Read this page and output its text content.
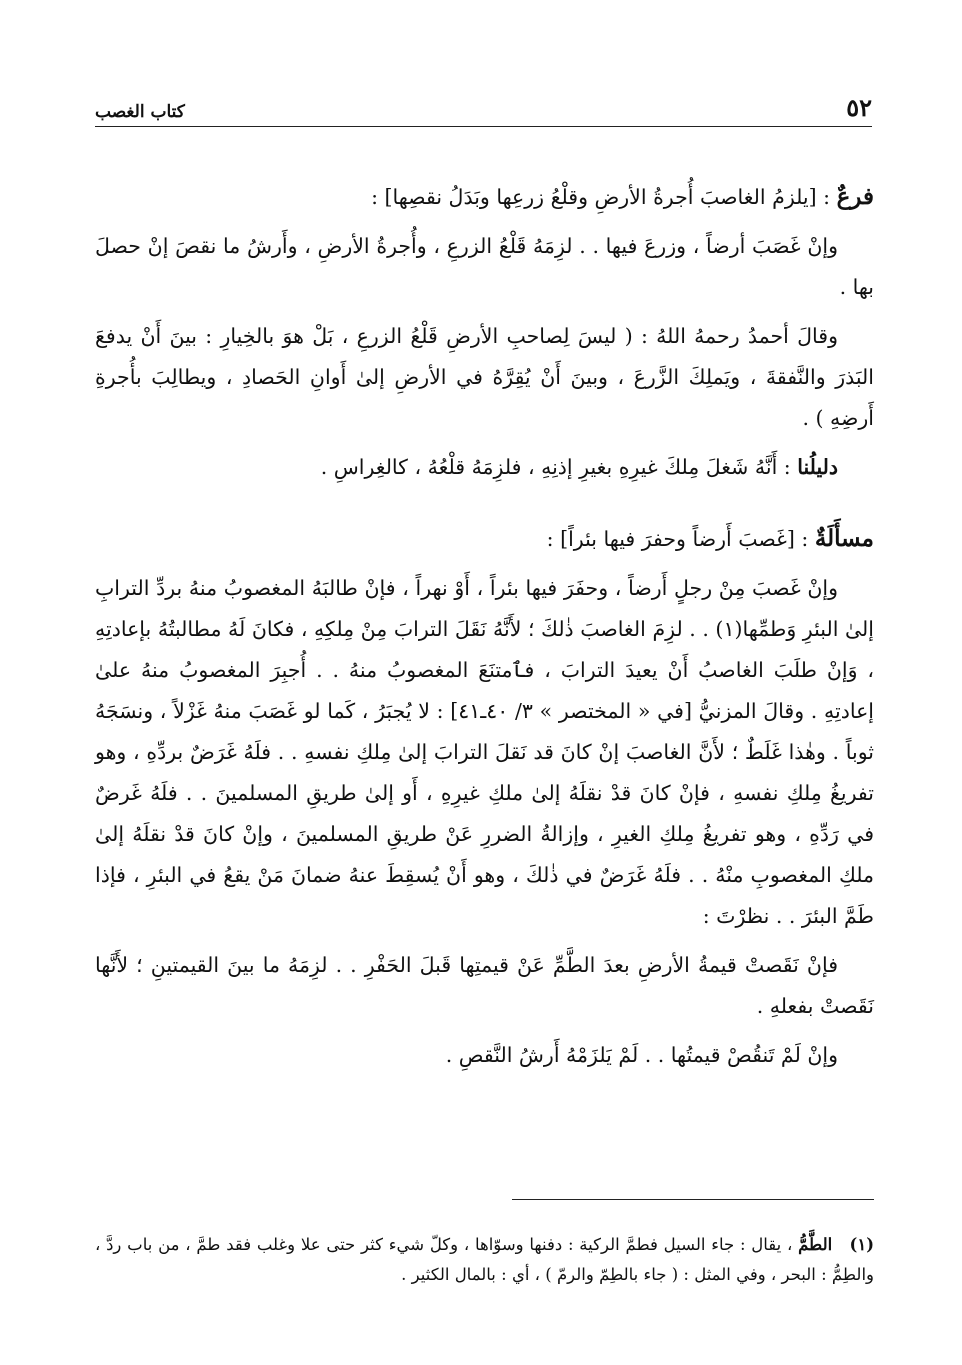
٥٢
كتاب الغصب

فرعٌ : [يلزمُ الغاصبَ أُجرةُ الأرضِ وقلْعُ زرعِها وبَدَلُ نقصِها] :

وإنْ غَصَبَ أرضاً ، وزرعَ فيها . . لزِمَهُ قَلْعُ الزرعِ ، وأُجرةُ الأرضِ ، وأَرشُ ما نقصَ إنْ حصلَ بها .

وقالَ أحمدُ رحمهُ اللهُ : ( ليسَ لِصاحبِ الأرضِ قَلْعُ الزرعِ ، بَلْ هوَ بالخِيارِ : بينَ أَنْ يدفعَ البَذرَ والنَّفقةَ ، ويَملِكَ الزَّرعَ ، وبينَ أَنْ يُقِرَّهُ في الأرضِ إلىٰ أَوانِ الحَصادِ ، ويطالِبَ بأُجرةِ أَرضِهِ ) .

دليلُنا : أَنَّهُ شَغلَ مِلكَ غيرِهِ بغيرِ إذنِهِ ، فلزِمَهُ قلْعُهُ ، كالغِراسِ .

مسأَلَةٌ : [غَصبَ أَرضاً وحفرَ فيها بئراً] :

وإنْ غَصبَ مِنْ رجلٍ أَرضاً ، وحفَرَ فيها بئراً ، أَوْ نهراً ، فإنْ طالبَهُ المغصوبُ منهُ بردِّ الترابِ إلىٰ البئرِ وَطمِّها(١) . . لزِمَ الغاصبَ ذٰلكَ ؛ لأَنَّهُ نَقَلَ الترابَ مِنْ مِلكِهِ ، فكانَ لَهُ مطالبتُهُ بإعادتِهِ ، وَإنْ طلَبَ الغاصبُ أَنْ يعيدَ الترابَ ، فٱمتنَعَ المغصوبُ منهُ . . أُجبِرَ المغصوبُ منهُ علىٰ إعادتِهِ . وقالَ المزنيُّ [في « المختصر » ٣/ ٤٠ـ٤١] : لا يُجبَرُ ، كَما لو غَصَبَ منهُ غَزْلاً ، ونسَجَهُ ثوباً . وهٰذا غَلَطٌ ؛ لأَنَّ الغاصبَ إنْ كانَ قد نَقلَ الترابَ إلىٰ مِلكِ نفسهِ . . فلَهُ غَرَضٌ بردِّهِ ، وهو تفريغُ مِلكِ نفسهِ ، فإنْ كانَ قدْ نقلَهُ إلىٰ ملكِ غيرِهِ ، أَو إلىٰ طريقِ المسلمينَ . . فلَهُ غَرضٌ في رَدِّهِ ، وهو تفريغُ مِلكِ الغيرِ ، وإزالةُ الضررِ عَنْ طريقِ المسلمينَ ، وإنْ كانَ قدْ نقلَهُ إلىٰ ملكِ المغصوبِ منْهُ . . فلَهُ غَرَضٌ في ذٰلكَ ، وهو أَنْ يُسقِطَ عنهُ ضمانَ مَنْ يقعُ في البئرِ ، فإذا طَمَّ البئرَ . . نظرْتَ :

فإنْ نَقَصتْ قيمةُ الأرضِ بعدَ الطَّمِّ عَنْ قيمتِها قَبلَ الحَفْرِ . . لزِمَهُ ما بينَ القيمتينِ ؛ لأَنَّها نَقَصتْ بفعلهِ .

وإنْ لَمْ تَنقُصْ قيمتُها . . لَمْ يَلزَمْهُ أَرشُ النَّقصِ .

(١)   الطَّمُّ ، يقال : جاء السيل فطمَّ الركية : دفنها وسوّاها ، وكلّ شيء كثر حتى علا وغلب فقد طمَّ ، من باب ردَّ ، والطِمُّ : البحر ، وفي المثل : ( جاء بالطِمّ والرمّ ) ، أي : بالمال الكثير .
